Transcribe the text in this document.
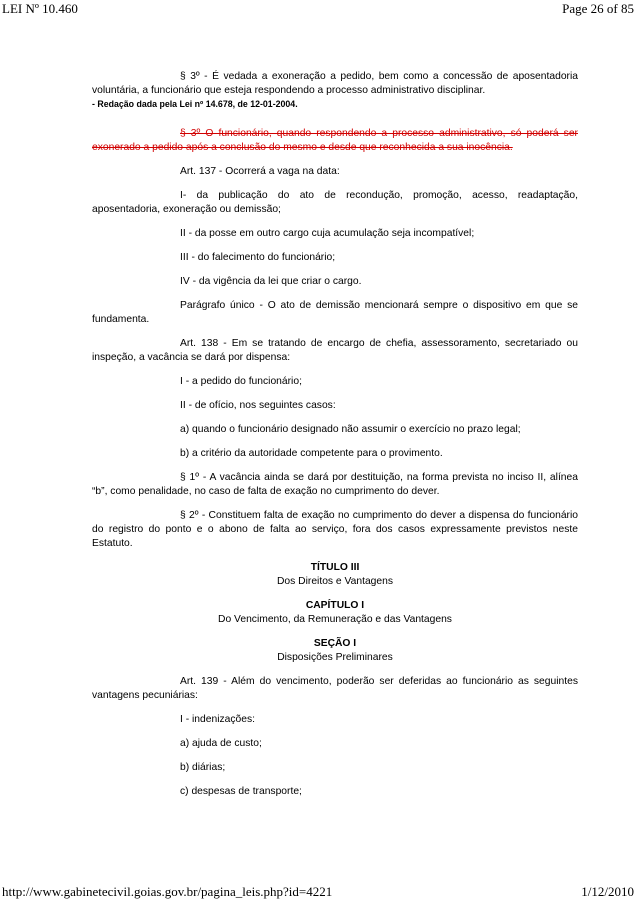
LEI Nº 10.460	Page 26 of 85

§ 3º - É vedada a exoneração a pedido, bem como a concessão de aposentadoria voluntária, a funcionário que esteja respondendo a processo administrativo disciplinar.

- Redação dada pela Lei nº 14.678, de 12-01-2004.

§ 3º O funcionário, quando respondendo a processo administrativo, só poderá ser exonerado a pedido após a conclusão do mesmo e desde que reconhecida a sua inocência.

Art. 137 - Ocorrerá a vaga na data:

I- da publicação do ato de recondução, promoção, acesso, readaptação, aposentadoria, exoneração ou demissão;

II - da posse em outro cargo cuja acumulação seja incompatível;

III - do falecimento do funcionário;

IV - da vigência da lei que criar o cargo.

Parágrafo único - O ato de demissão mencionará sempre o dispositivo em que se fundamenta.

Art. 138 - Em se tratando de encargo de chefia, assessoramento, secretariado ou inspeção, a vacância se dará por dispensa:

I - a pedido do funcionário;

II - de ofício, nos seguintes casos:

a) quando o funcionário designado não assumir o exercício no prazo legal;

b) a critério da autoridade competente para o provimento.

§ 1º - A vacância ainda se dará por destituição, na forma prevista no inciso II, alínea “b”, como penalidade, no caso de falta de exação no cumprimento do dever.

§ 2º - Constituem falta de exação no cumprimento do dever a dispensa do funcionário do registro do ponto e o abono de falta ao serviço, fora dos casos expressamente previstos neste Estatuto.

TÍTULO III
Dos Direitos e Vantagens
CAPÍTULO I
Do Vencimento, da Remuneração e das Vantagens
SEÇÃO I
Disposições Preliminares

Art. 139 - Além do vencimento, poderão ser deferidas ao funcionário as seguintes vantagens pecuniárias:

I - indenizações:

a) ajuda de custo;

b) diárias;

c) despesas de transporte;

http://www.gabinetecivil.goias.gov.br/pagina_leis.php?id=4221	1/12/2010
